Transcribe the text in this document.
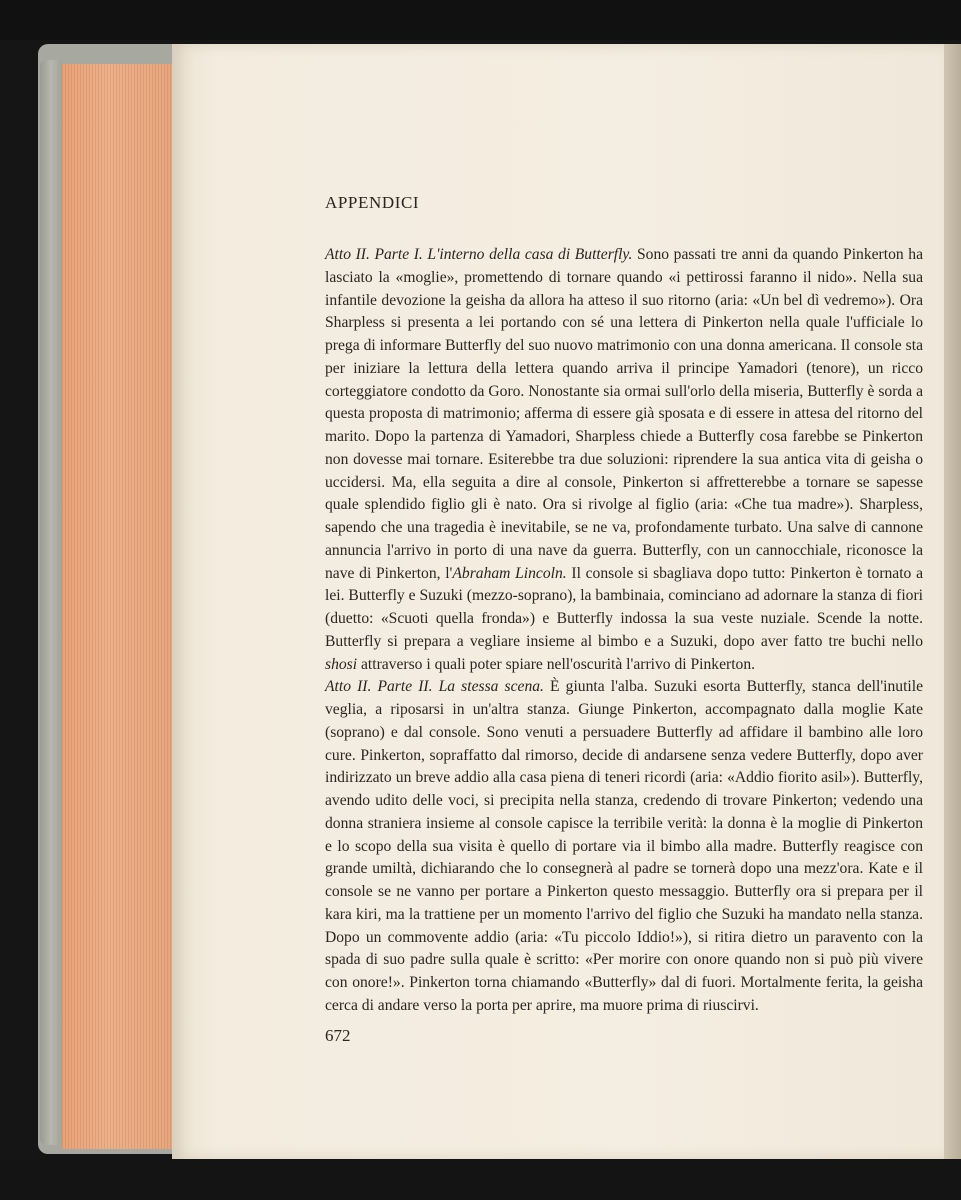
APPENDICI

Atto II. Parte I. L'interno della casa di Butterfly. Sono passati tre anni da quando Pinkerton ha lasciato la «moglie», promettendo di tornare quando «i pettirossi faranno il nido». Nella sua infantile devozione la geisha da allora ha atteso il suo ritorno (aria: «Un bel dì vedremo»). Ora Sharpless si presenta a lei portando con sé una lettera di Pinkerton nella quale l'ufficiale lo prega di informare Butterfly del suo nuovo matrimonio con una donna americana. Il console sta per iniziare la lettura della lettera quando arriva il principe Yamadori (tenore), un ricco corteggiatore condotto da Goro. Nonostante sia ormai sull'orlo della miseria, Butterfly è sorda a questa proposta di matrimonio; afferma di essere già sposata e di essere in attesa del ritorno del marito. Dopo la partenza di Yamadori, Sharpless chiede a Butterfly cosa farebbe se Pinkerton non dovesse mai tornare. Esiterebbe tra due soluzioni: riprendere la sua antica vita di geisha o uccidersi. Ma, ella seguita a dire al console, Pinkerton si affretterebbe a tornare se sapesse quale splendido figlio gli è nato. Ora si rivolge al figlio (aria: «Che tua madre»). Sharpless, sapendo che una tragedia è inevitabile, se ne va, profondamente turbato. Una salve di cannone annuncia l'arrivo in porto di una nave da guerra. Butterfly, con un cannocchiale, riconosce la nave di Pinkerton, l'Abraham Lincoln. Il console si sbagliava dopo tutto: Pinkerton è tornato a lei. Butterfly e Suzuki (mezzo-soprano), la bambinaia, cominciano ad adornare la stanza di fiori (duetto: «Scuoti quella fronda») e Butterfly indossa la sua veste nuziale. Scende la notte. Butterfly si prepara a vegliare insieme al bimbo e a Suzuki, dopo aver fatto tre buchi nello shosi attraverso i quali poter spiare nell'oscurità l'arrivo di Pinkerton.

Atto II. Parte II. La stessa scena. È giunta l'alba. Suzuki esorta Butterfly, stanca dell'inutile veglia, a riposarsi in un'altra stanza. Giunge Pinkerton, accompagnato dalla moglie Kate (soprano) e dal console. Sono venuti a persuadere Butterfly ad affidare il bambino alle loro cure. Pinkerton, sopraffatto dal rimorso, decide di andarsene senza vedere Butterfly, dopo aver indirizzato un breve addio alla casa piena di teneri ricordi (aria: «Addio fiorito asil»). Butterfly, avendo udito delle voci, si precipita nella stanza, credendo di trovare Pinkerton; vedendo una donna straniera insieme al console capisce la terribile verità: la donna è la moglie di Pinkerton e lo scopo della sua visita è quello di portare via il bimbo alla madre. Butterfly reagisce con grande umiltà, dichiarando che lo consegnerà al padre se tornerà dopo una mezz'ora. Kate e il console se ne vanno per portare a Pinkerton questo messaggio. Butterfly ora si prepara per il kara kiri, ma la trattiene per un momento l'arrivo del figlio che Suzuki ha mandato nella stanza. Dopo un commovente addio (aria: «Tu piccolo Iddio!»), si ritira dietro un paravento con la spada di suo padre sulla quale è scritto: «Per morire con onore quando non si può più vivere con onore!». Pinkerton torna chiamando «Butterfly» dal di fuori. Mortalmente ferita, la geisha cerca di andare verso la porta per aprire, ma muore prima di riuscirvi.

672
